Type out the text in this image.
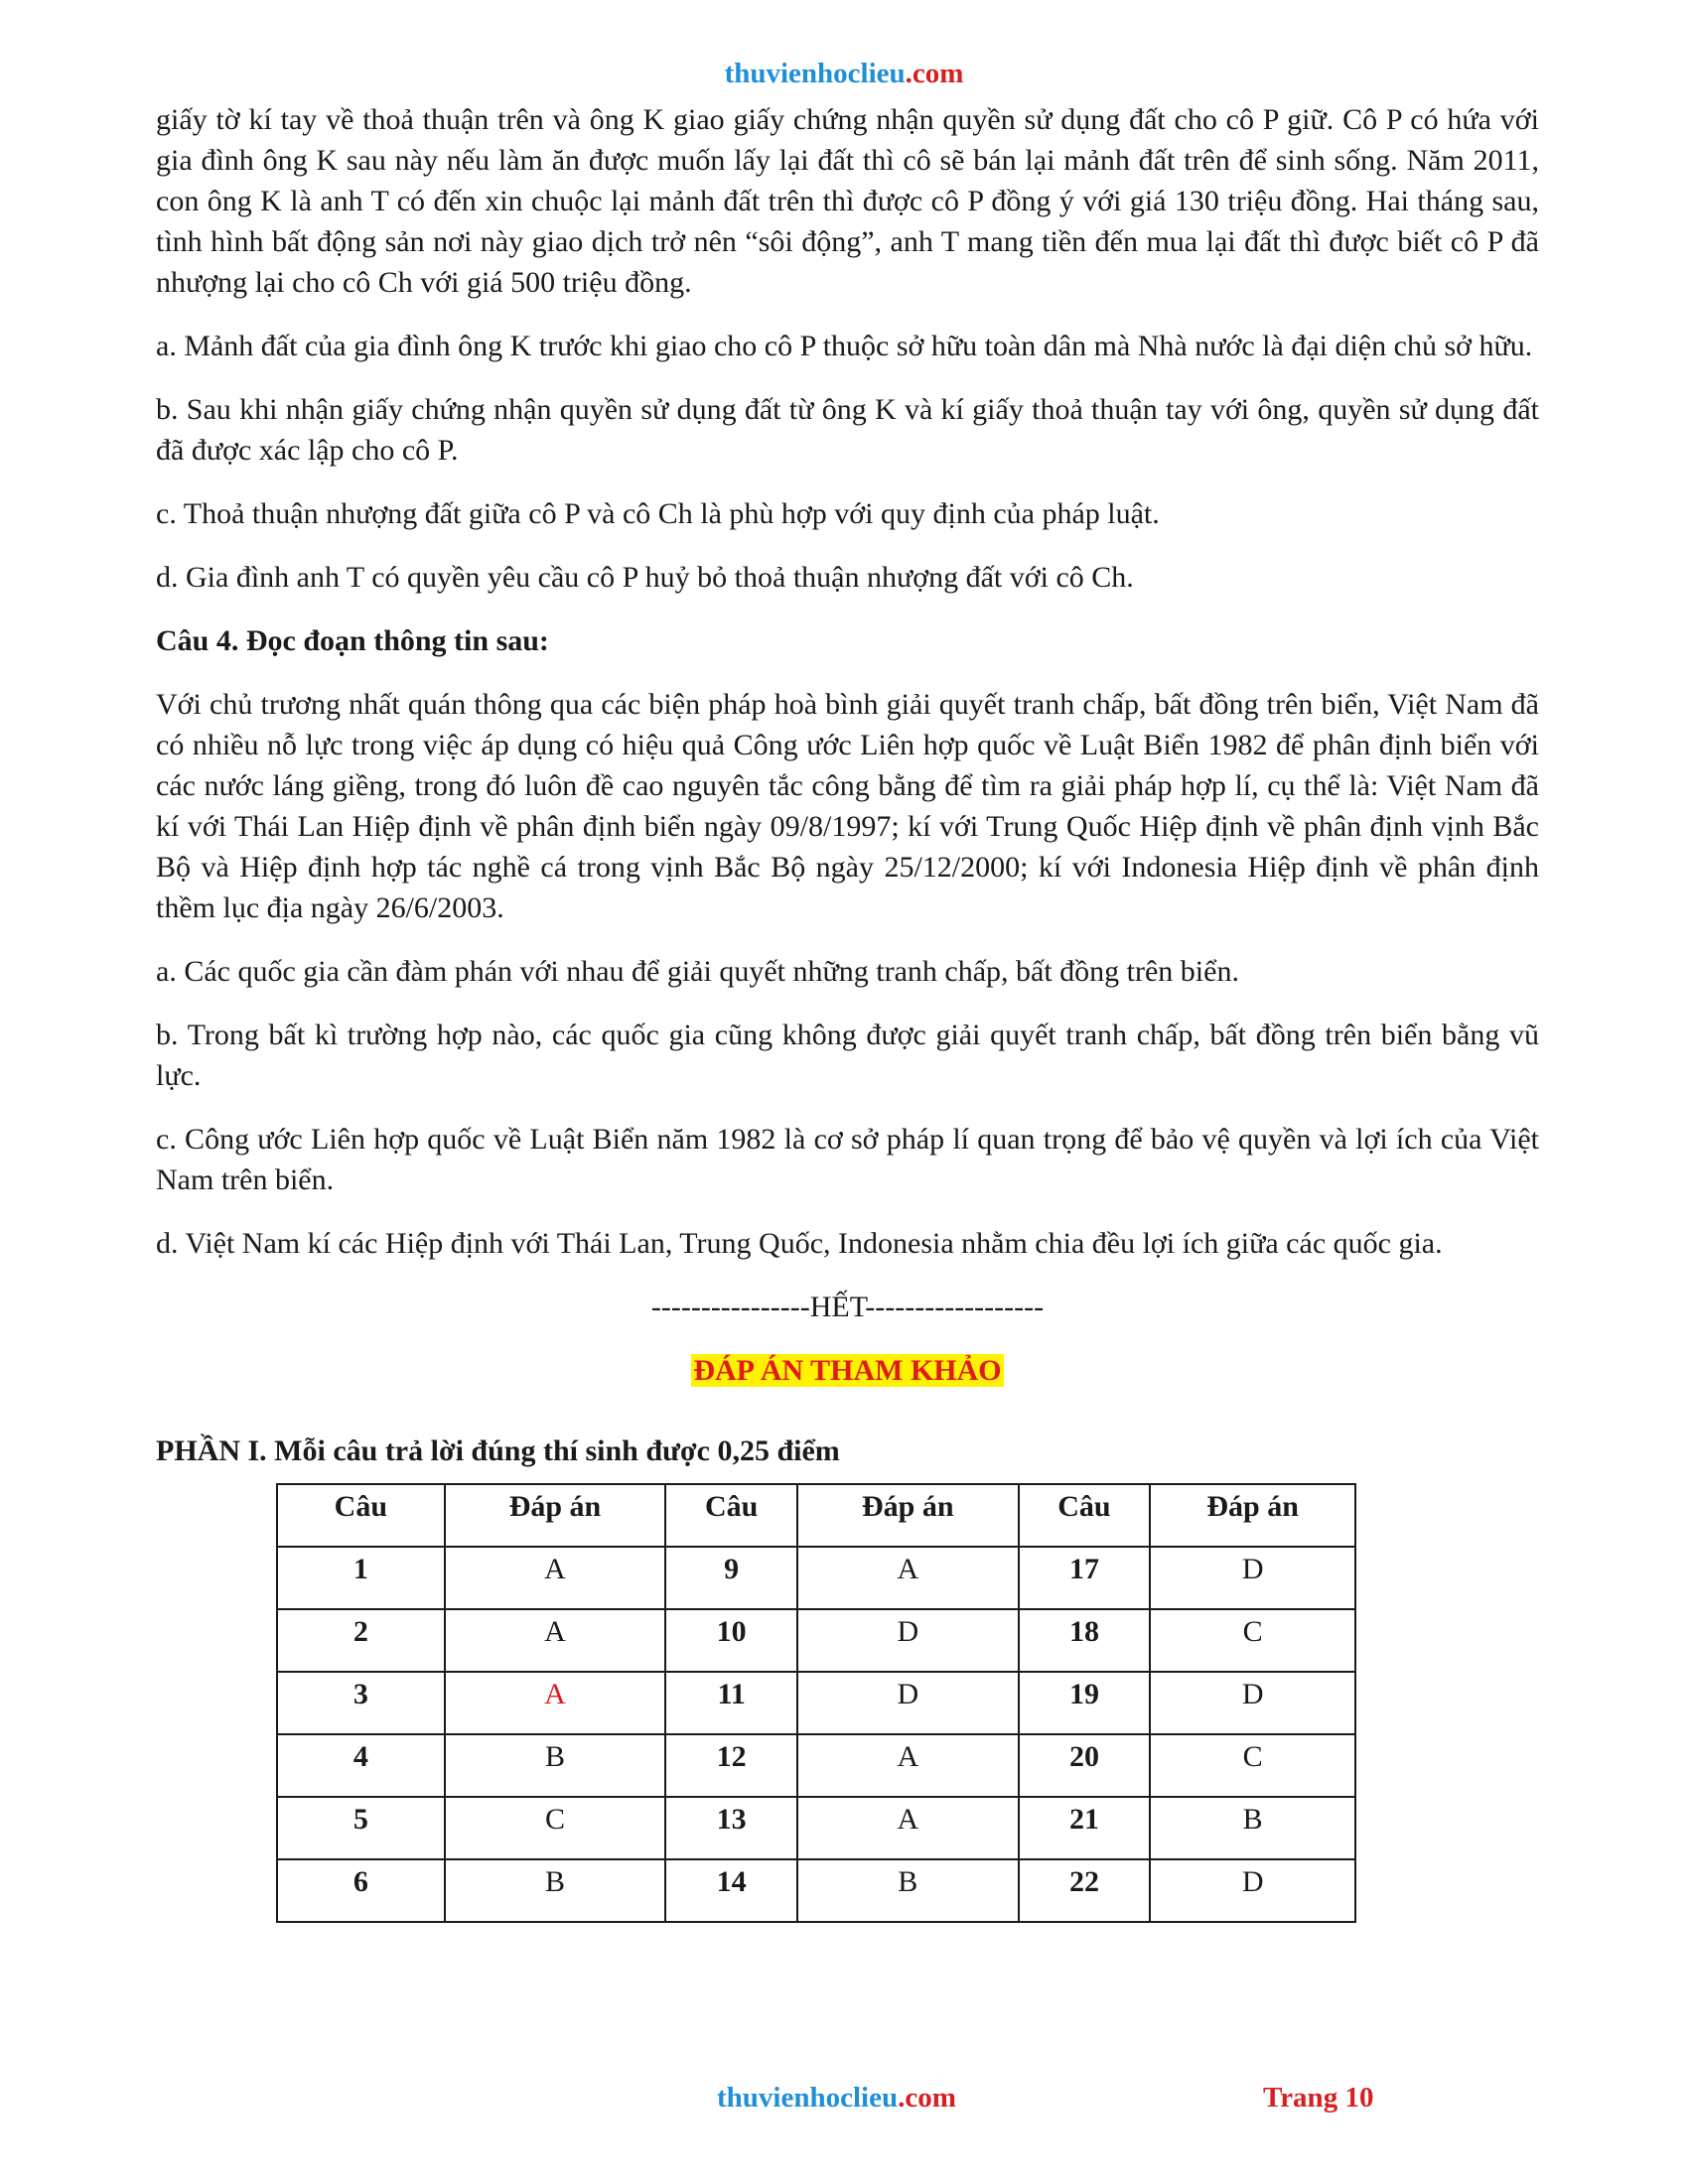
thuvienhoclieu.com

giấy tờ kí tay về thoả thuận trên và ông K giao giấy chứng nhận quyền sử dụng đất cho cô P giữ. Cô P có hứa với gia đình ông K sau này nếu làm ăn được muốn lấy lại đất thì cô sẽ bán lại mảnh đất trên để sinh sống. Năm 2011, con ông K là anh T có đến xin chuộc lại mảnh đất trên thì được cô P đồng ý với giá 130 triệu đồng. Hai tháng sau, tình hình bất động sản nơi này giao dịch trở nên “sôi động”, anh T mang tiền đến mua lại đất thì được biết cô P đã nhượng lại cho cô Ch với giá 500 triệu đồng.

a. Mảnh đất của gia đình ông K trước khi giao cho cô P thuộc sở hữu toàn dân mà Nhà nước là đại diện chủ sở hữu.

b. Sau khi nhận giấy chứng nhận quyền sử dụng đất từ ông K và kí giấy thoả thuận tay với ông, quyền sử dụng đất đã được xác lập cho cô P.

c. Thoả thuận nhượng đất giữa cô P và cô Ch là phù hợp với quy định của pháp luật.

d. Gia đình anh T có quyền yêu cầu cô P huỷ bỏ thoả thuận nhượng đất với cô Ch.

Câu 4. Đọc đoạn thông tin sau:

Với chủ trương nhất quán thông qua các biện pháp hoà bình giải quyết tranh chấp, bất đồng trên biển, Việt Nam đã có nhiều nỗ lực trong việc áp dụng có hiệu quả Công ước Liên hợp quốc về Luật Biển 1982 để phân định biển với các nước láng giềng, trong đó luôn đề cao nguyên tắc công bằng để tìm ra giải pháp hợp lí, cụ thể là: Việt Nam đã kí với Thái Lan Hiệp định về phân định biển ngày 09/8/1997; kí với Trung Quốc Hiệp định về phân định vịnh Bắc Bộ và Hiệp định hợp tác nghề cá trong vịnh Bắc Bộ ngày 25/12/2000; kí với Indonesia Hiệp định về phân định thềm lục địa ngày 26/6/2003.

a. Các quốc gia cần đàm phán với nhau để giải quyết những tranh chấp, bất đồng trên biển.

b. Trong bất kì trường hợp nào, các quốc gia cũng không được giải quyết tranh chấp, bất đồng trên biển bằng vũ lực.

c. Công ước Liên hợp quốc về Luật Biển năm 1982 là cơ sở pháp lí quan trọng để bảo vệ quyền và lợi ích của Việt Nam trên biển.

d. Việt Nam kí các Hiệp định với Thái Lan, Trung Quốc, Indonesia nhằm chia đều lợi ích giữa các quốc gia.

----------------HẾT------------------

ĐÁP ÁN THAM KHẢO

PHẦN I. Mỗi câu trả lời đúng thí sinh được 0,25 điểm

Câu	Đáp án	Câu	Đáp án	Câu	Đáp án
1	A	9	A	17	D
2	A	10	D	18	C
3	A	11	D	19	D
4	B	12	A	20	C
5	C	13	A	21	B
6	B	14	B	22	D
thuvienhoclieu.com	Trang 10
